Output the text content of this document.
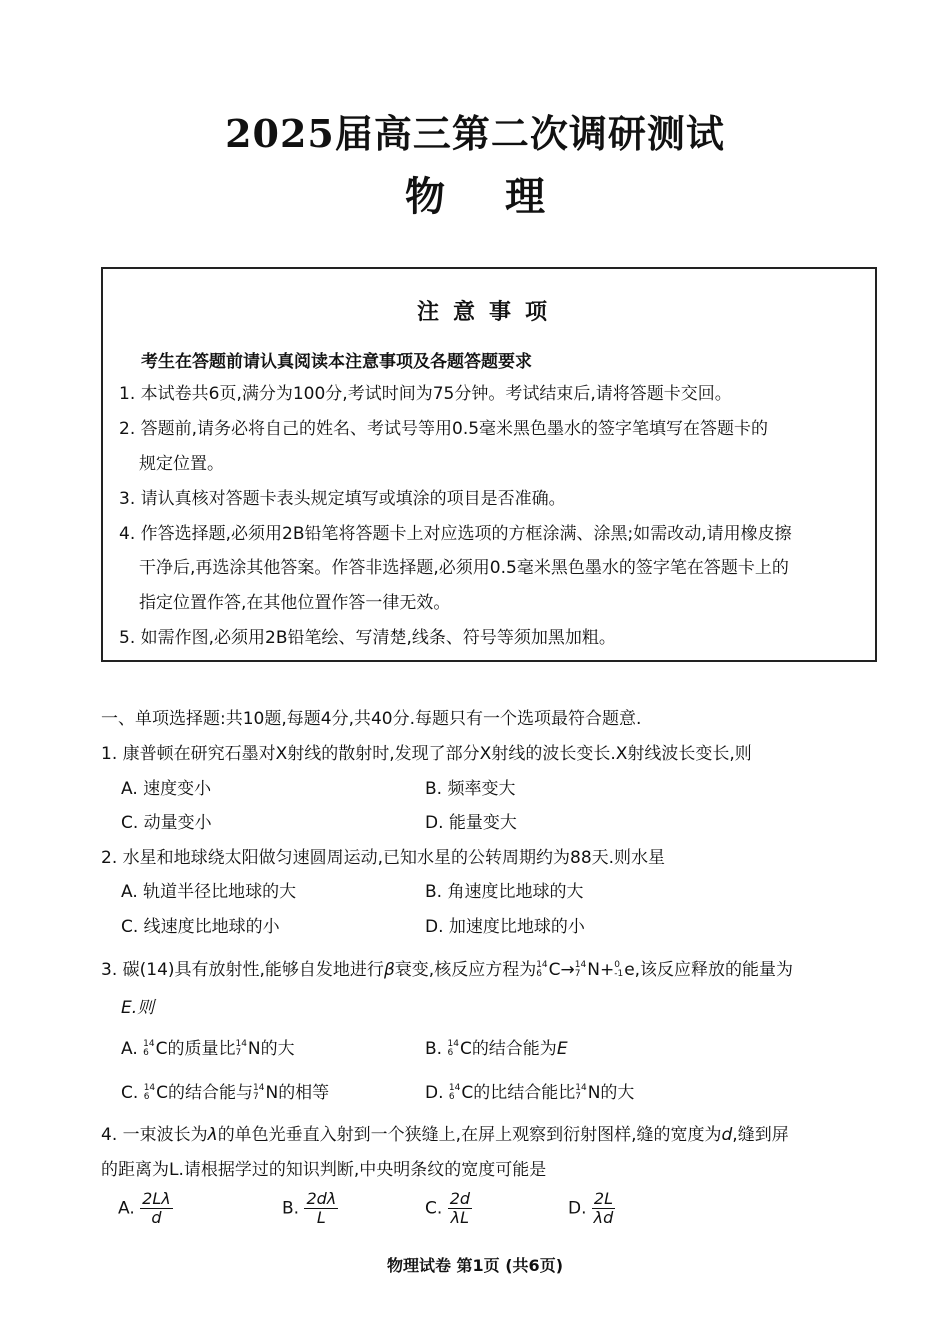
2025届高三第二次调研测试
物理
注意事项
考生在答题前请认真阅读本注意事项及各题答题要求
1. 本试卷共6页,满分为100分,考试时间为75分钟。考试结束后,请将答题卡交回。
2. 答题前,请务必将自己的姓名、考试号等用0.5毫米黑色墨水的签字笔填写在答题卡的
规定位置。
3. 请认真核对答题卡表头规定填写或填涂的项目是否准确。
4. 作答选择题,必须用2B铅笔将答题卡上对应选项的方框涂满、涂黑;如需改动,请用橡皮擦
干净后,再选涂其他答案。作答非选择题,必须用0.5毫米黑色墨水的签字笔在答题卡上的
指定位置作答,在其他位置作答一律无效。
5. 如需作图,必须用2B铅笔绘、写清楚,线条、符号等须加黑加粗。
一、单项选择题:共10题,每题4分,共40分.每题只有一个选项最符合题意.
1. 康普顿在研究石墨对X射线的散射时,发现了部分X射线的波长变长.X射线波长变长,则
A. 速度变小	B. 频率变大
C. 动量变小	D. 能量变大
2. 水星和地球绕太阳做匀速圆周运动,已知水星的公转周期约为88天.则水星
A. 轨道半径比地球的大	B. 角速度比地球的大
C. 线速度比地球的小	D. 加速度比地球的小
3. 碳(14)具有放射性,能够自发地进行β衰变,核反应方程为 14
6 C→ 14
7 N+ 0
-1 e,该反应释放的能量为
E.则
A. 14
6 C的质量比 14
7 N的大	B. 14
6 C的结合能为E
C. 14
6 C的结合能与 14
7 N的相等	D. 14
6 C的比结合能比 14
7 N的大
4. 一束波长为λ的单色光垂直入射到一个狭缝上,在屏上观察到衍射图样,缝的宽度为d,缝到屏
的距离为L.请根据学过的知识判断,中央明条纹的宽度可能是
A. $\frac{2L\lambda}{d}$	B. $\frac{2d\lambda}{L}$	C. $\frac{2d}{\lambda L}$	D. $\frac{2L}{\lambda d}$
物理试卷 第1页 (共6页)
